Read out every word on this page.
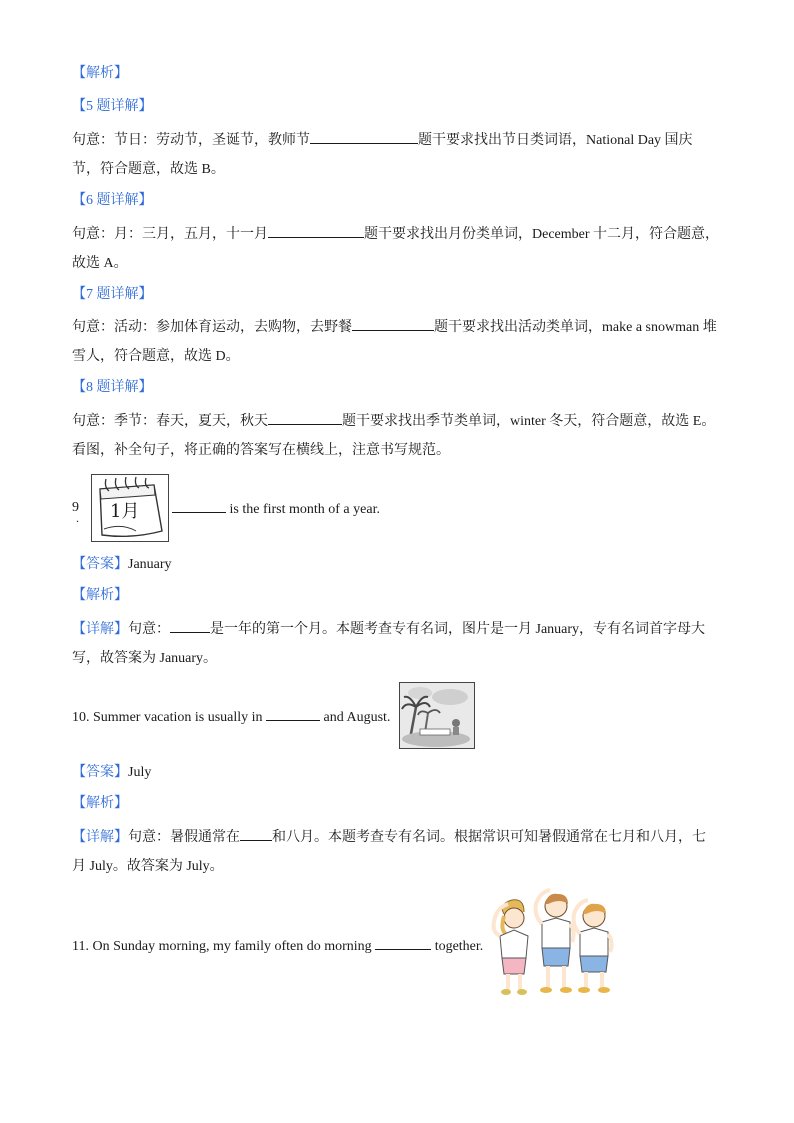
【解析】
【5 题详解】
句意：节日：劳动节，圣诞节，教师节	题干要求找出节日类词语，National Day 国庆
节，符合题意，故选 B。
【6 题详解】
句意：月：三月，五月，十一月	题干要求找出月份类单词，December 十二月，符合题意，
故选 A。
【7 题详解】
句意：活动：参加体育运动，去购物，去野餐	题干要求找出活动类单词，make a snowman 堆
雪人，符合题意，故选 D。
【8 题详解】
句意：季节：春天，夏天，秋天	题干要求找出季节类单词，winter 冬天，符合题意，故选 E。
看图，补全句子，将正确的答案写在横线上，注意书写规范。
9
. 1月	is the first month of a year.
【答案】January
【解析】
【详解】句意：	是一年的第一个月。本题考查专有名词，图片是一月 January，专有名词首字母大
写，故答案为 January。
10. Summer vacation is usually in	and August.
【答案】July
【解析】
【详解】句意：暑假通常在 和八月。本题考查专有名词。根据常识可知暑假通常在七月和八月，七
月 July。故答案为 July。
11. On Sunday morning, my family often do morning	together.
